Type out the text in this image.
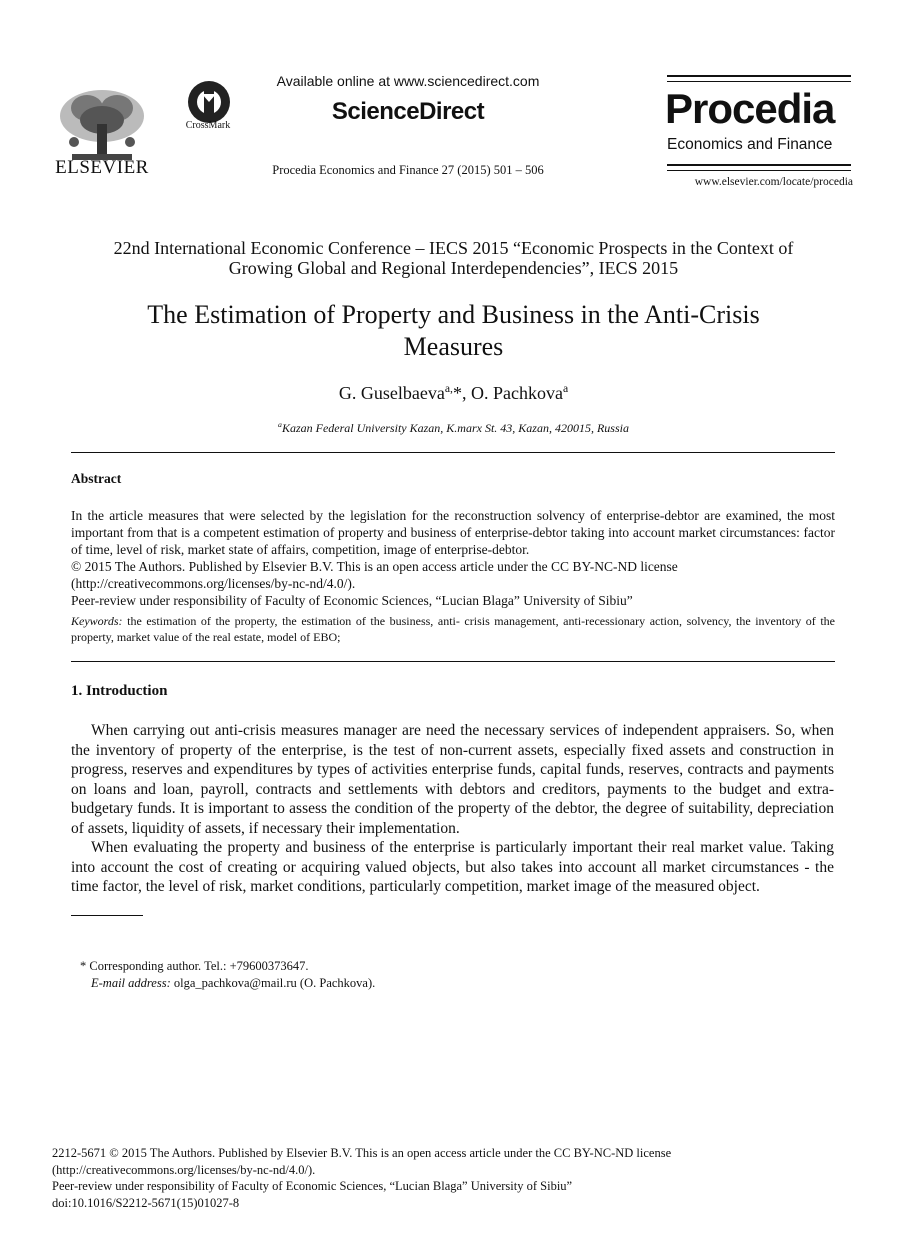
ELSEVIER
CrossMark
Available online at www.sciencedirect.com
ScienceDirect
Procedia Economics and Finance 27 (2015) 501 – 506
Procedia
Economics and Finance
www.elsevier.com/locate/procedia
22nd International Economic Conference – IECS 2015 “Economic Prospects in the Context of
Growing Global and Regional Interdependencies”, IECS 2015
The Estimation of Property and Business in the Anti-Crisis
Measures
G. Guselbaeva$^{a,}$*, O. Pachkova$^a$
$^a$Kazan Federal University Kazan, K.marx St. 43, Kazan, 420015, Russia
Abstract

In the article measures that were selected by the legislation for the reconstruction solvency of enterprise-debtor are examined, the most important from that is a competent estimation of property and business of enterprise-debtor taking into account market circumstances: factor of time, level of risk, market state of affairs, competition, image of enterprise-debtor.

© 2015 The Authors. Published by Elsevier B.V. This is an open access article under the CC BY-NC-ND license

(http://creativecommons.org/licenses/by-nc-nd/4.0/).

Peer-review under responsibility of Faculty of Economic Sciences, “Lucian Blaga” University of Sibiu”

Keywords: the estimation of the property, the estimation of the business, anti- crisis management, anti-recessionary action, solvency, the inventory of the property, market value of the real estate, model of EBO;
1. Introduction

When carrying out anti-crisis measures manager are need the necessary services of independent appraisers. So, when the inventory of property of the enterprise, is the test of non-current assets, especially fixed assets and construction in progress, reserves and expenditures by types of activities enterprise funds, capital funds, reserves, contracts and payments on loans and loan, payroll, contracts and settlements with debtors and creditors, payments to the budget and extra-budgetary funds. It is important to assess the condition of the property of the debtor, the degree of suitability, depreciation of assets, liquidity of assets, if necessary their implementation.

When evaluating the property and business of the enterprise is particularly important their real market value. Taking into account the cost of creating or acquiring valued objects, but also takes into account all market circumstances - the time factor, the level of risk, market conditions, particularly competition, market image of the measured object.

* Corresponding author. Tel.: +79600373647.
E-mail address: olga_pachkova@mail.ru (O. Pachkova).
2212-5671 © 2015 The Authors. Published by Elsevier B.V. This is an open access article under the CC BY-NC-ND license
(http://creativecommons.org/licenses/by-nc-nd/4.0/).
Peer-review under responsibility of Faculty of Economic Sciences, “Lucian Blaga” University of Sibiu”
doi:10.1016/S2212-5671(15)01027-8
